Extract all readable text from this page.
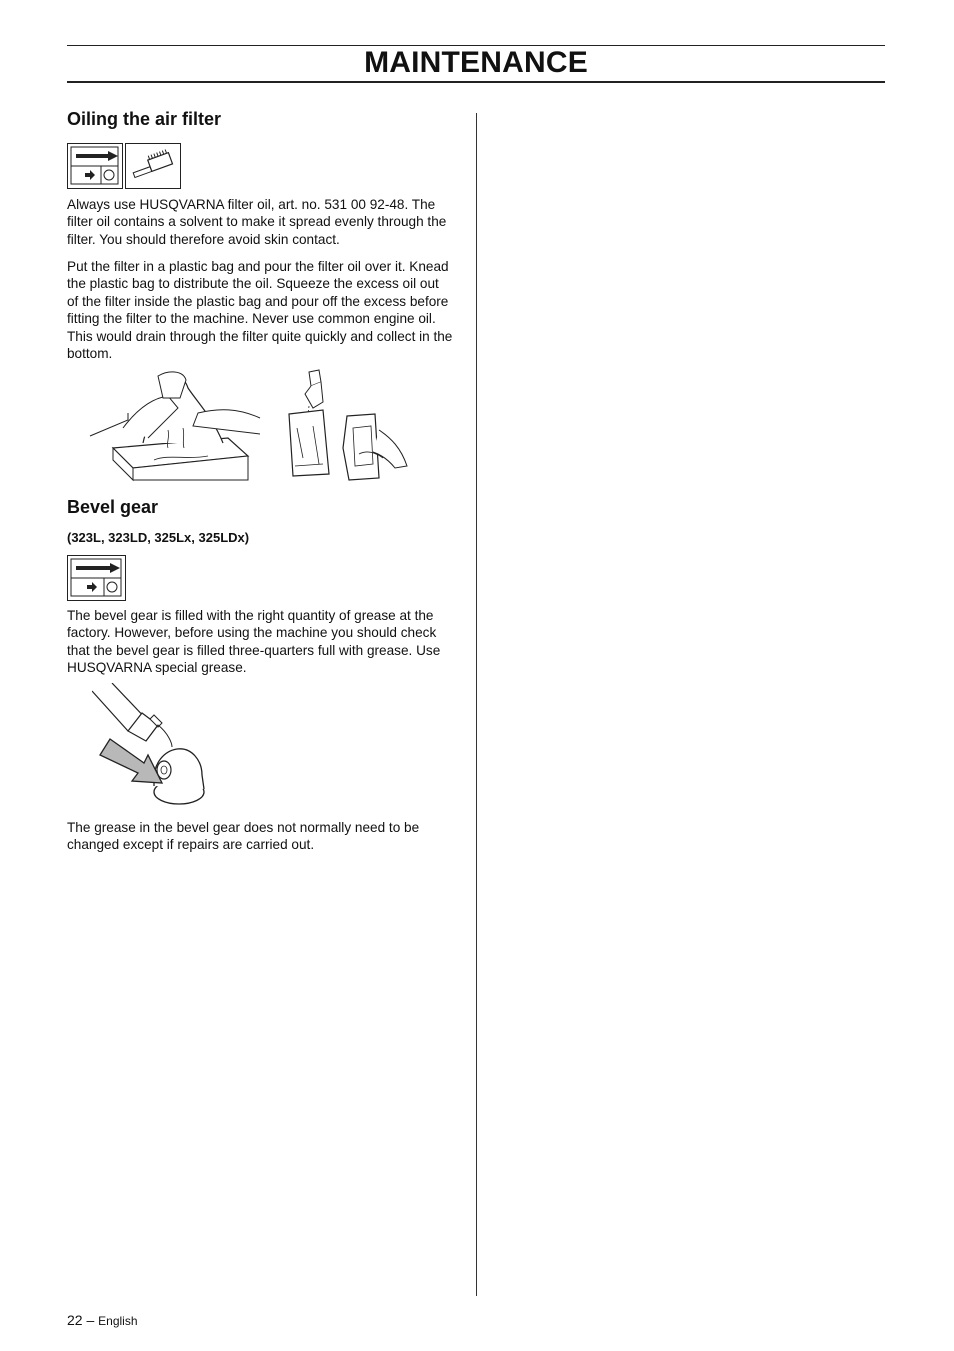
MAINTENANCE
Oiling the air filter

Always use HUSQVARNA filter oil, art. no. 531 00 92-48. The filter oil contains a solvent to make it spread evenly through the filter. You should therefore avoid skin contact.

Put the filter in a plastic bag and pour the filter oil over it. Knead the plastic bag to distribute the oil. Squeeze the excess oil out of the filter inside the plastic bag and pour off the excess before fitting the filter to the machine. Never use common engine oil. This would drain through the filter quite quickly and collect in the bottom.

Bevel gear

(323L, 323LD, 325Lx, 325LDx)

The bevel gear is filled with the right quantity of grease at the factory. However, before using the machine you should check that the bevel gear is filled three-quarters full with grease. Use HUSQVARNA special grease.

The grease in the bevel gear does not normally need to be changed except if repairs are carried out.

22 – English
